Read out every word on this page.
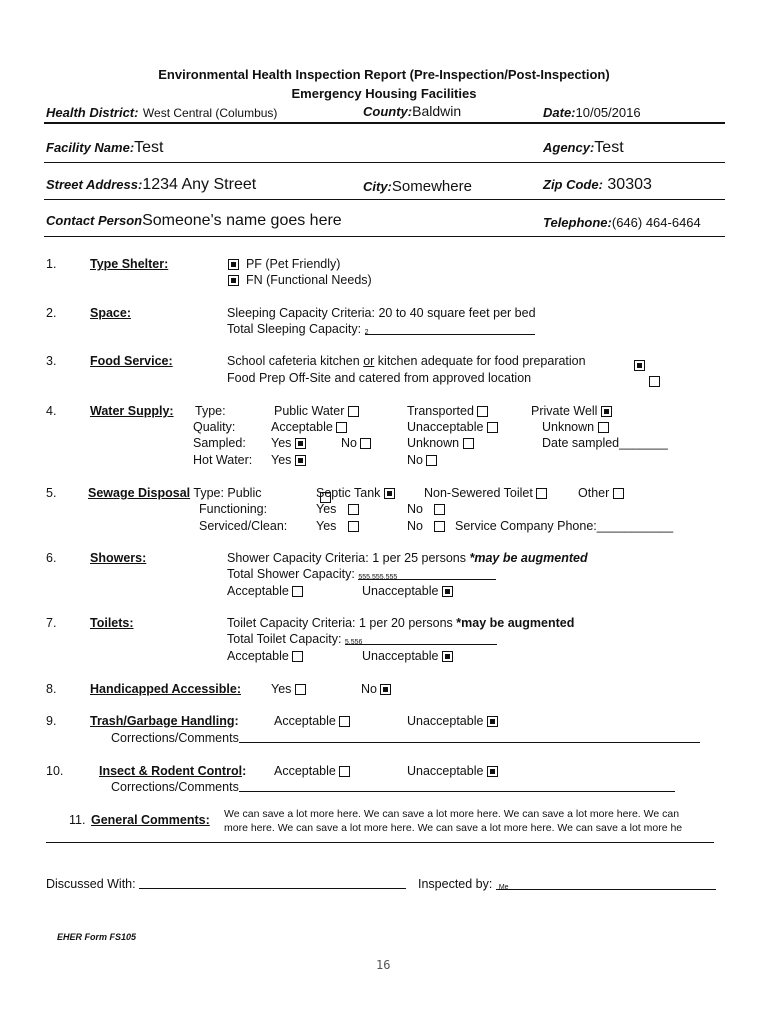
Environmental Health Inspection Report (Pre-Inspection/Post-Inspection)
Emergency Housing Facilities
Health District: West Central (Columbus)	County:Baldwin	Date:10/05/2016
Facility Name:Test	Agency:Test
Street Address:1234 Any Street	City:Somewhere	Zip Code: 30303
Contact PersonSomeone's name goes here	Telephone:(646) 464-6464
1.	Type Shelter:	PF (Pet Friendly)
FN (Functional Needs)
2.	Space:	Sleeping Capacity Criteria: 20 to 40 square feet per bed
Total Sleeping Capacity: 2
3.	Food Service:	School cafeteria kitchen or kitchen adequate for food preparation

Food Prep Off-Site and catered from approved location

4.	Water Supply: Type:	Public Water	Transported	Private Well
Quality:	Acceptable	Unacceptable	Unknown
Sampled: Yes	No	Unknown	Date sampled_______
Hot Water: Yes	No
5.	Sewage Disposal Type: Public	Septic Tank	Non-Sewered Toilet	Other
Functioning:	Yes	No
Serviced/Clean: Yes	No	Service Company Phone:___________
6.	Showers:	Shower Capacity Criteria: 1 per 25 persons *may be augmented
Total Shower Capacity: 555,555,555
Acceptable	Unacceptable
7.	Toilets:	Toilet Capacity Criteria: 1 per 20 persons *may be augmented
Total Toilet Capacity: 5,556
Acceptable	Unacceptable
8.	Handicapped Accessible: Yes	No
9.	Trash/Garbage Handling:	Acceptable	Unacceptable
Corrections/Comments
10.	Insect & Rodent Control: Acceptable	Unacceptable
Corrections/Comments
11. General Comments: We can save a lot more here. We can save a lot more here. We can save a lot more here. We can
more here. We can save a lot more here. We can save a lot more here. We can save a lot more he
Discussed With:	Inspected by: Me
EHER Form FS105
16
